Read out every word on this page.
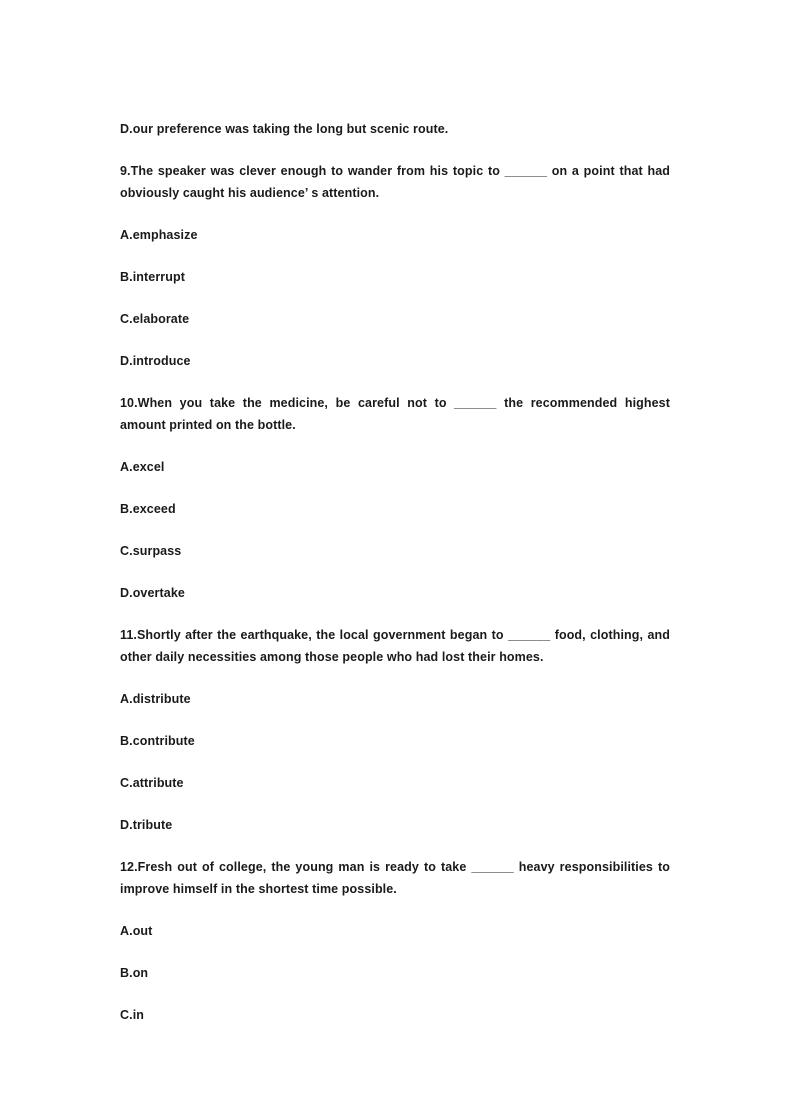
D.our preference was taking the long but scenic route.

9.The speaker was clever enough to wander from his topic to ______ on a point that had obviously caught his audience’ s attention.

A.emphasize

B.interrupt

C.elaborate

D.introduce

10.When you take the medicine, be careful not to ______ the recommended highest amount printed on the bottle.

A.excel

B.exceed

C.surpass

D.overtake

11.Shortly after the earthquake, the local government began to ______ food, clothing, and other daily necessities among those people who had lost their homes.

A.distribute

B.contribute

C.attribute

D.tribute

12.Fresh out of college, the young man is ready to take ______ heavy responsibilities to improve himself in the shortest time possible.

A.out

B.on

C.in
